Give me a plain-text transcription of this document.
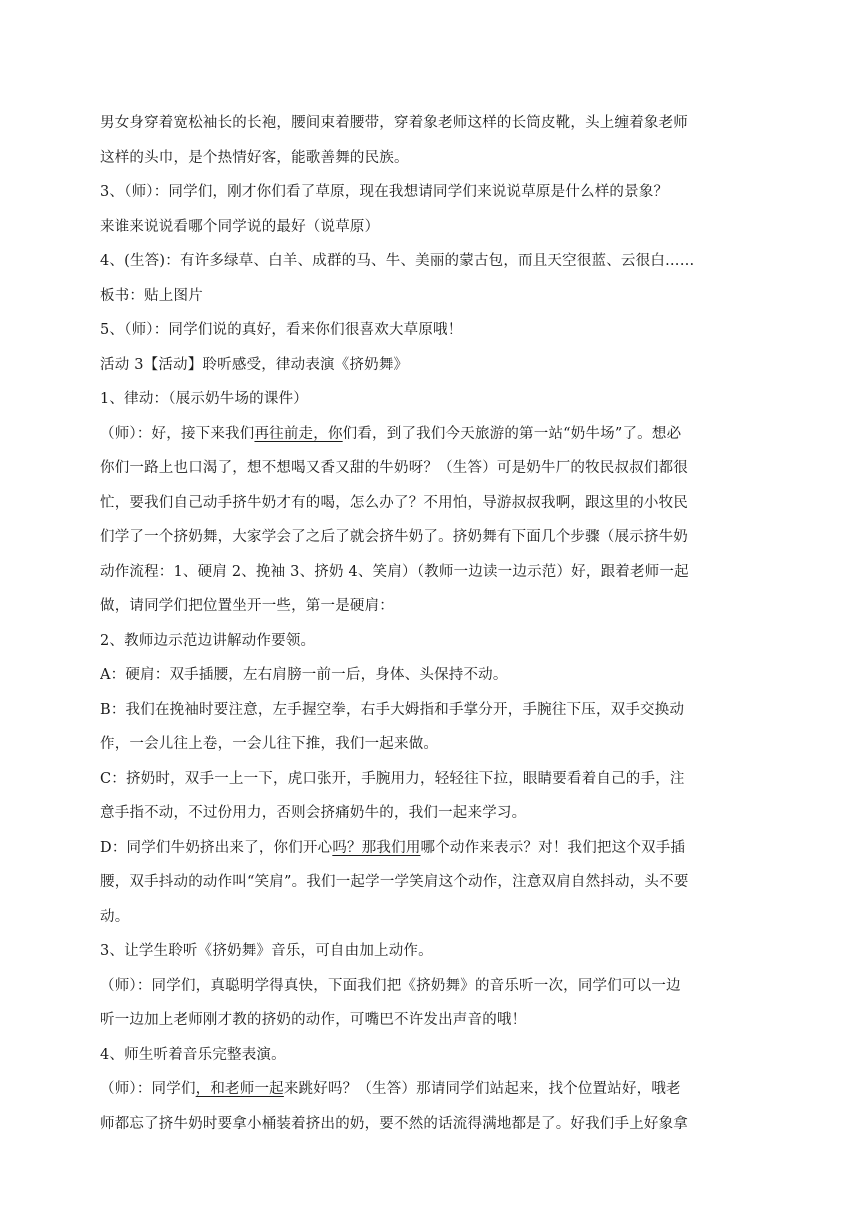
男女身穿着宽松袖长的长袍，腰间束着腰带，穿着象老师这样的长筒皮靴，头上缠着象老师
这样的头巾，是个热情好客，能歌善舞的民族。
3、（师）：同学们，刚才你们看了草原，现在我想请同学们来说说草原是什么样的景象？
来谁来说说看哪个同学说的最好（说草原）
4、(生答)：有许多绿草、白羊、成群的马、牛、美丽的蒙古包，而且天空很蓝、云很白……
板书：贴上图片
5、（师）：同学们说的真好，看来你们很喜欢大草原哦！
活动 3【活动】聆听感受，律动表演《挤奶舞》
1、律动：（展示奶牛场的课件）
（师）：好，接下来我们再往前走，你们看，到了我们今天旅游的第一站“奶牛场”了。想必
你们一路上也口渴了，想不想喝又香又甜的牛奶呀？（生答）可是奶牛厂的牧民叔叔们都很
忙，要我们自己动手挤牛奶才有的喝，怎么办了？不用怕，导游叔叔我啊，跟这里的小牧民
们学了一个挤奶舞，大家学会了之后了就会挤牛奶了。挤奶舞有下面几个步骤（展示挤牛奶
动作流程：1、硬肩 2、挽袖 3、挤奶 4、笑肩）（教师一边读一边示范）好，跟着老师一起
做，请同学们把位置坐开一些，第一是硬肩：
2、教师边示范边讲解动作要领。
A：硬肩：双手插腰，左右肩膀一前一后，身体、头保持不动。
B：我们在挽袖时要注意，左手握空拳，右手大姆指和手掌分开，手腕往下压，双手交换动
作，一会儿往上卷，一会儿往下推，我们一起来做。
C：挤奶时，双手一上一下，虎口张开，手腕用力，轻轻往下拉，眼睛要看着自己的手，注
意手指不动，不过份用力，否则会挤痛奶牛的，我们一起来学习。
D：同学们牛奶挤出来了，你们开心吗？那我们用哪个动作来表示？对！我们把这个双手插
腰，双手抖动的动作叫“笑肩”。我们一起学一学笑肩这个动作，注意双肩自然抖动，头不要
动。
3、让学生聆听《挤奶舞》音乐，可自由加上动作。
（师）：同学们，真聪明学得真快，下面我们把《挤奶舞》的音乐听一次，同学们可以一边
听一边加上老师刚才教的挤奶的动作，可嘴巴不许发出声音的哦！
4、师生听着音乐完整表演。
（师）：同学们，和老师一起来跳好吗？（生答）那请同学们站起来，找个位置站好，哦老
师都忘了挤牛奶时要拿小桶装着挤出的奶，要不然的话流得满地都是了。好我们手上好象拿
